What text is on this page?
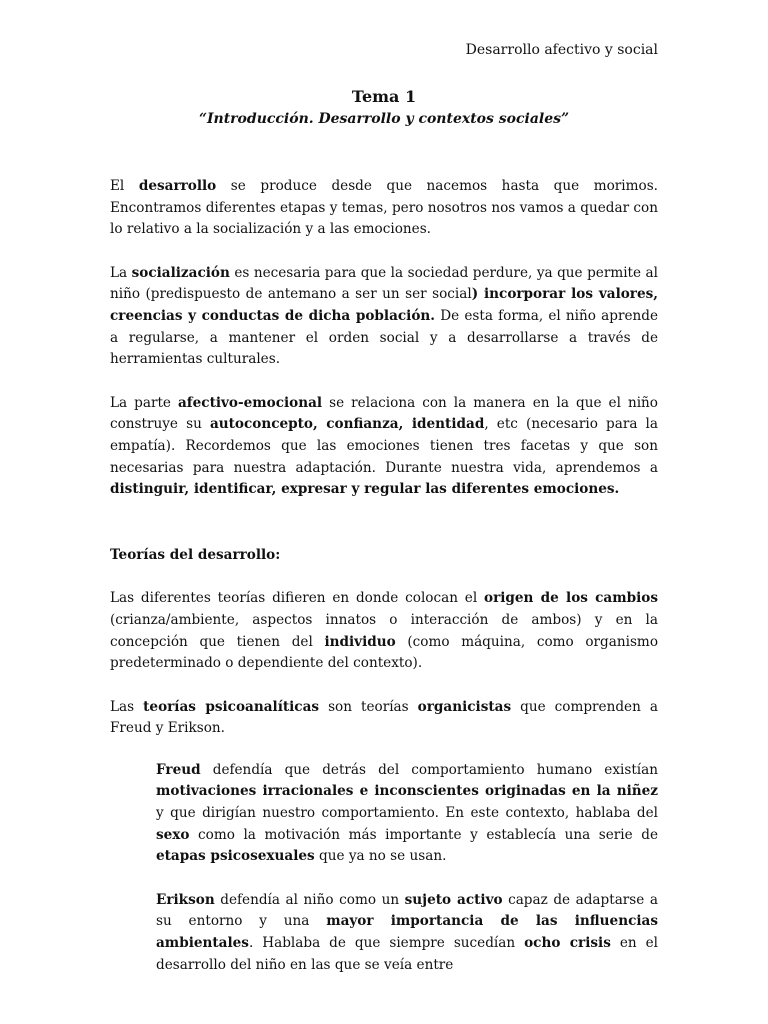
Desarrollo afectivo y social
Tema 1
“Introducción. Desarrollo y contextos sociales”

El desarrollo se produce desde que nacemos hasta que morimos. Encontramos diferentes etapas y temas, pero nosotros nos vamos a quedar con lo relativo a la socialización y a las emociones.

La socialización es necesaria para que la sociedad perdure, ya que permite al niño (predispuesto de antemano a ser un ser social) incorporar los valores, creencias y conductas de dicha población. De esta forma, el niño aprende a regularse, a mantener el orden social y a desarrollarse a través de herramientas culturales.

La parte afectivo-emocional se relaciona con la manera en la que el niño construye su autoconcepto, confianza, identidad, etc (necesario para la empatía). Recordemos que las emociones tienen tres facetas y que son necesarias para nuestra adaptación. Durante nuestra vida, aprendemos a distinguir, identificar, expresar y regular las diferentes emociones.

Teorías del desarrollo:

Las diferentes teorías difieren en donde colocan el origen de los cambios (crianza/ambiente, aspectos innatos o interacción de ambos) y en la concepción que tienen del individuo (como máquina, como organismo predeterminado o dependiente del contexto).

Las teorías psicoanalíticas son teorías organicistas que comprenden a Freud y Erikson.

Freud defendía que detrás del comportamiento humano existían motivaciones irracionales e inconscientes originadas en la niñez y que dirigían nuestro comportamiento. En este contexto, hablaba del sexo como la motivación más importante y establecía una serie de etapas psicosexuales que ya no se usan.

Erikson defendía al niño como un sujeto activo capaz de adaptarse a su entorno y una mayor importancia de las influencias ambientales. Hablaba de que siempre sucedían ocho crisis en el desarrollo del niño en las que se veía entre
